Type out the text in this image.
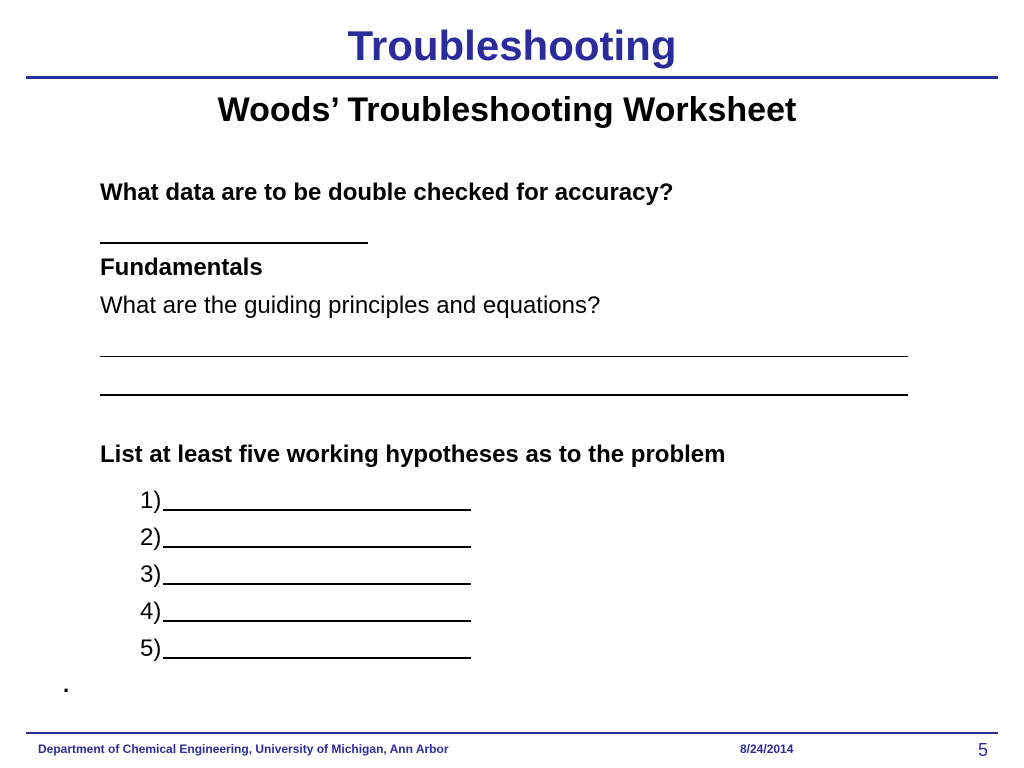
Troubleshooting
Woods’ Troubleshooting Worksheet
What data are to be double checked for accuracy?
Fundamentals
What are the guiding principles and equations?
List at least five working hypotheses as to the problem
1)
2)
3)
4)
5)
.
Department of Chemical Engineering, University of Michigan, Ann Arbor	8/24/2014	5
